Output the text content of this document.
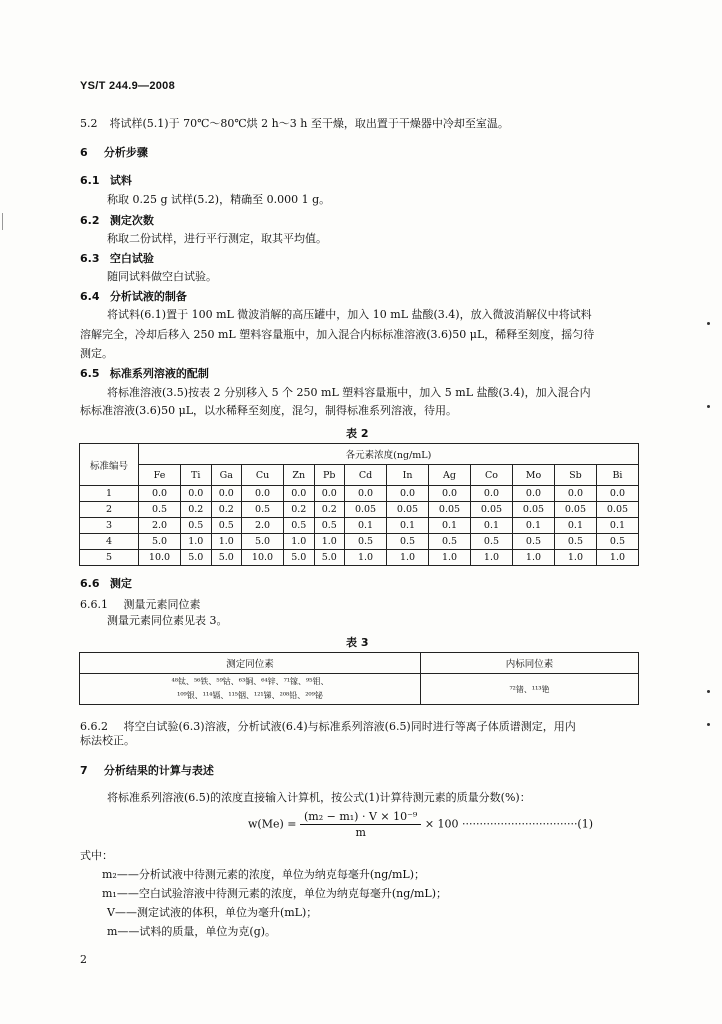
YS/T 244.9—2008
5.2 将试样(5.1)于 70℃～80℃烘 2 h～3 h 至干燥，取出置于干燥器中冷却至室温。
6 分析步骤
6.1 试料
称取 0.25 g 试样(5.2)，精确至 0.000 1 g。
6.2 测定次数
称取二份试样，进行平行测定，取其平均值。
6.3 空白试验
随同试料做空白试验。
6.4 分析试液的制备
将试料(6.1)置于 100 mL 微波消解的高压罐中，加入 10 mL 盐酸(3.4)，放入微波消解仪中将试料
溶解完全，冷却后移入 250 mL 塑料容量瓶中，加入混合内标标准溶液(3.6)50 μL，稀释至刻度，摇匀待
测定。
6.5 标准系列溶液的配制
将标准溶液(3.5)按表 2 分别移入 5 个 250 mL 塑料容量瓶中，加入 5 mL 盐酸(3.4)，加入混合内
标标准溶液(3.6)50 μL，以水稀释至刻度，混匀，制得标准系列溶液，待用。
表 2
标准编号	各元素浓度(ng/mL)												
	Fe	Ti	Ga	Cu	Zn	Pb	Cd	In	Ag	Co	Mo	Sb	Bi
1	0.0	0.0	0.0	0.0	0.0	0.0	0.0	0.0	0.0	0.0	0.0	0.0	0.0
2	0.5	0.2	0.2	0.5	0.2	0.2	0.05	0.05	0.05	0.05	0.05	0.05	0.05
3	2.0	0.5	0.5	2.0	0.5	0.5	0.1	0.1	0.1	0.1	0.1	0.1	0.1
4	5.0	1.0	1.0	5.0	1.0	1.0	0.5	0.5	0.5	0.5	0.5	0.5	0.5
5	10.0	5.0	5.0	10.0	5.0	5.0	1.0	1.0	1.0	1.0	1.0	1.0	1.0
6.6 测定
6.6.1 测量元素同位素
测量元素同位素见表 3。
表 3
测定同位素	内标同位素

⁴⁸钛、⁵⁶铁、⁵⁹钴、⁶³铜、⁶⁴锌、⁷¹镓、⁹⁵钼、
¹⁰⁹银、¹¹⁴镉、¹¹⁵铟、¹²¹锑、²⁰⁸铅、²⁰⁹铋	⁷²锗、¹¹³铯
6.6.2 将空白试验(6.3)溶液，分析试液(6.4)与标准系列溶液(6.5)同时进行等离子体质谱测定，用内
标法校正。
7 分析结果的计算与表述
将标准系列溶液(6.5)的浓度直接输入计算机，按公式(1)计算待测元素的质量分数(%)：
$w(Me) = \frac{\text{(m₂ − m₁) · V × 10⁻⁹}}{m} \times 100 \cdot\cdot\cdot\cdot\cdot\cdot\cdot\cdot\cdot\cdot\cdot\cdot\cdot\cdot\cdot\cdot\cdot\cdot\cdot\cdot\cdot\cdot\cdot\cdot\cdot\cdot\cdot\cdot\cdot\cdot\cdot\cdot\cdot(1)$
式中：
m₂——分析试液中待测元素的浓度，单位为纳克每毫升(ng/mL)；
m₁——空白试验溶液中待测元素的浓度，单位为纳克每毫升(ng/mL)；
V——测定试液的体积，单位为毫升(mL)；
m——试料的质量，单位为克(g)。
2
